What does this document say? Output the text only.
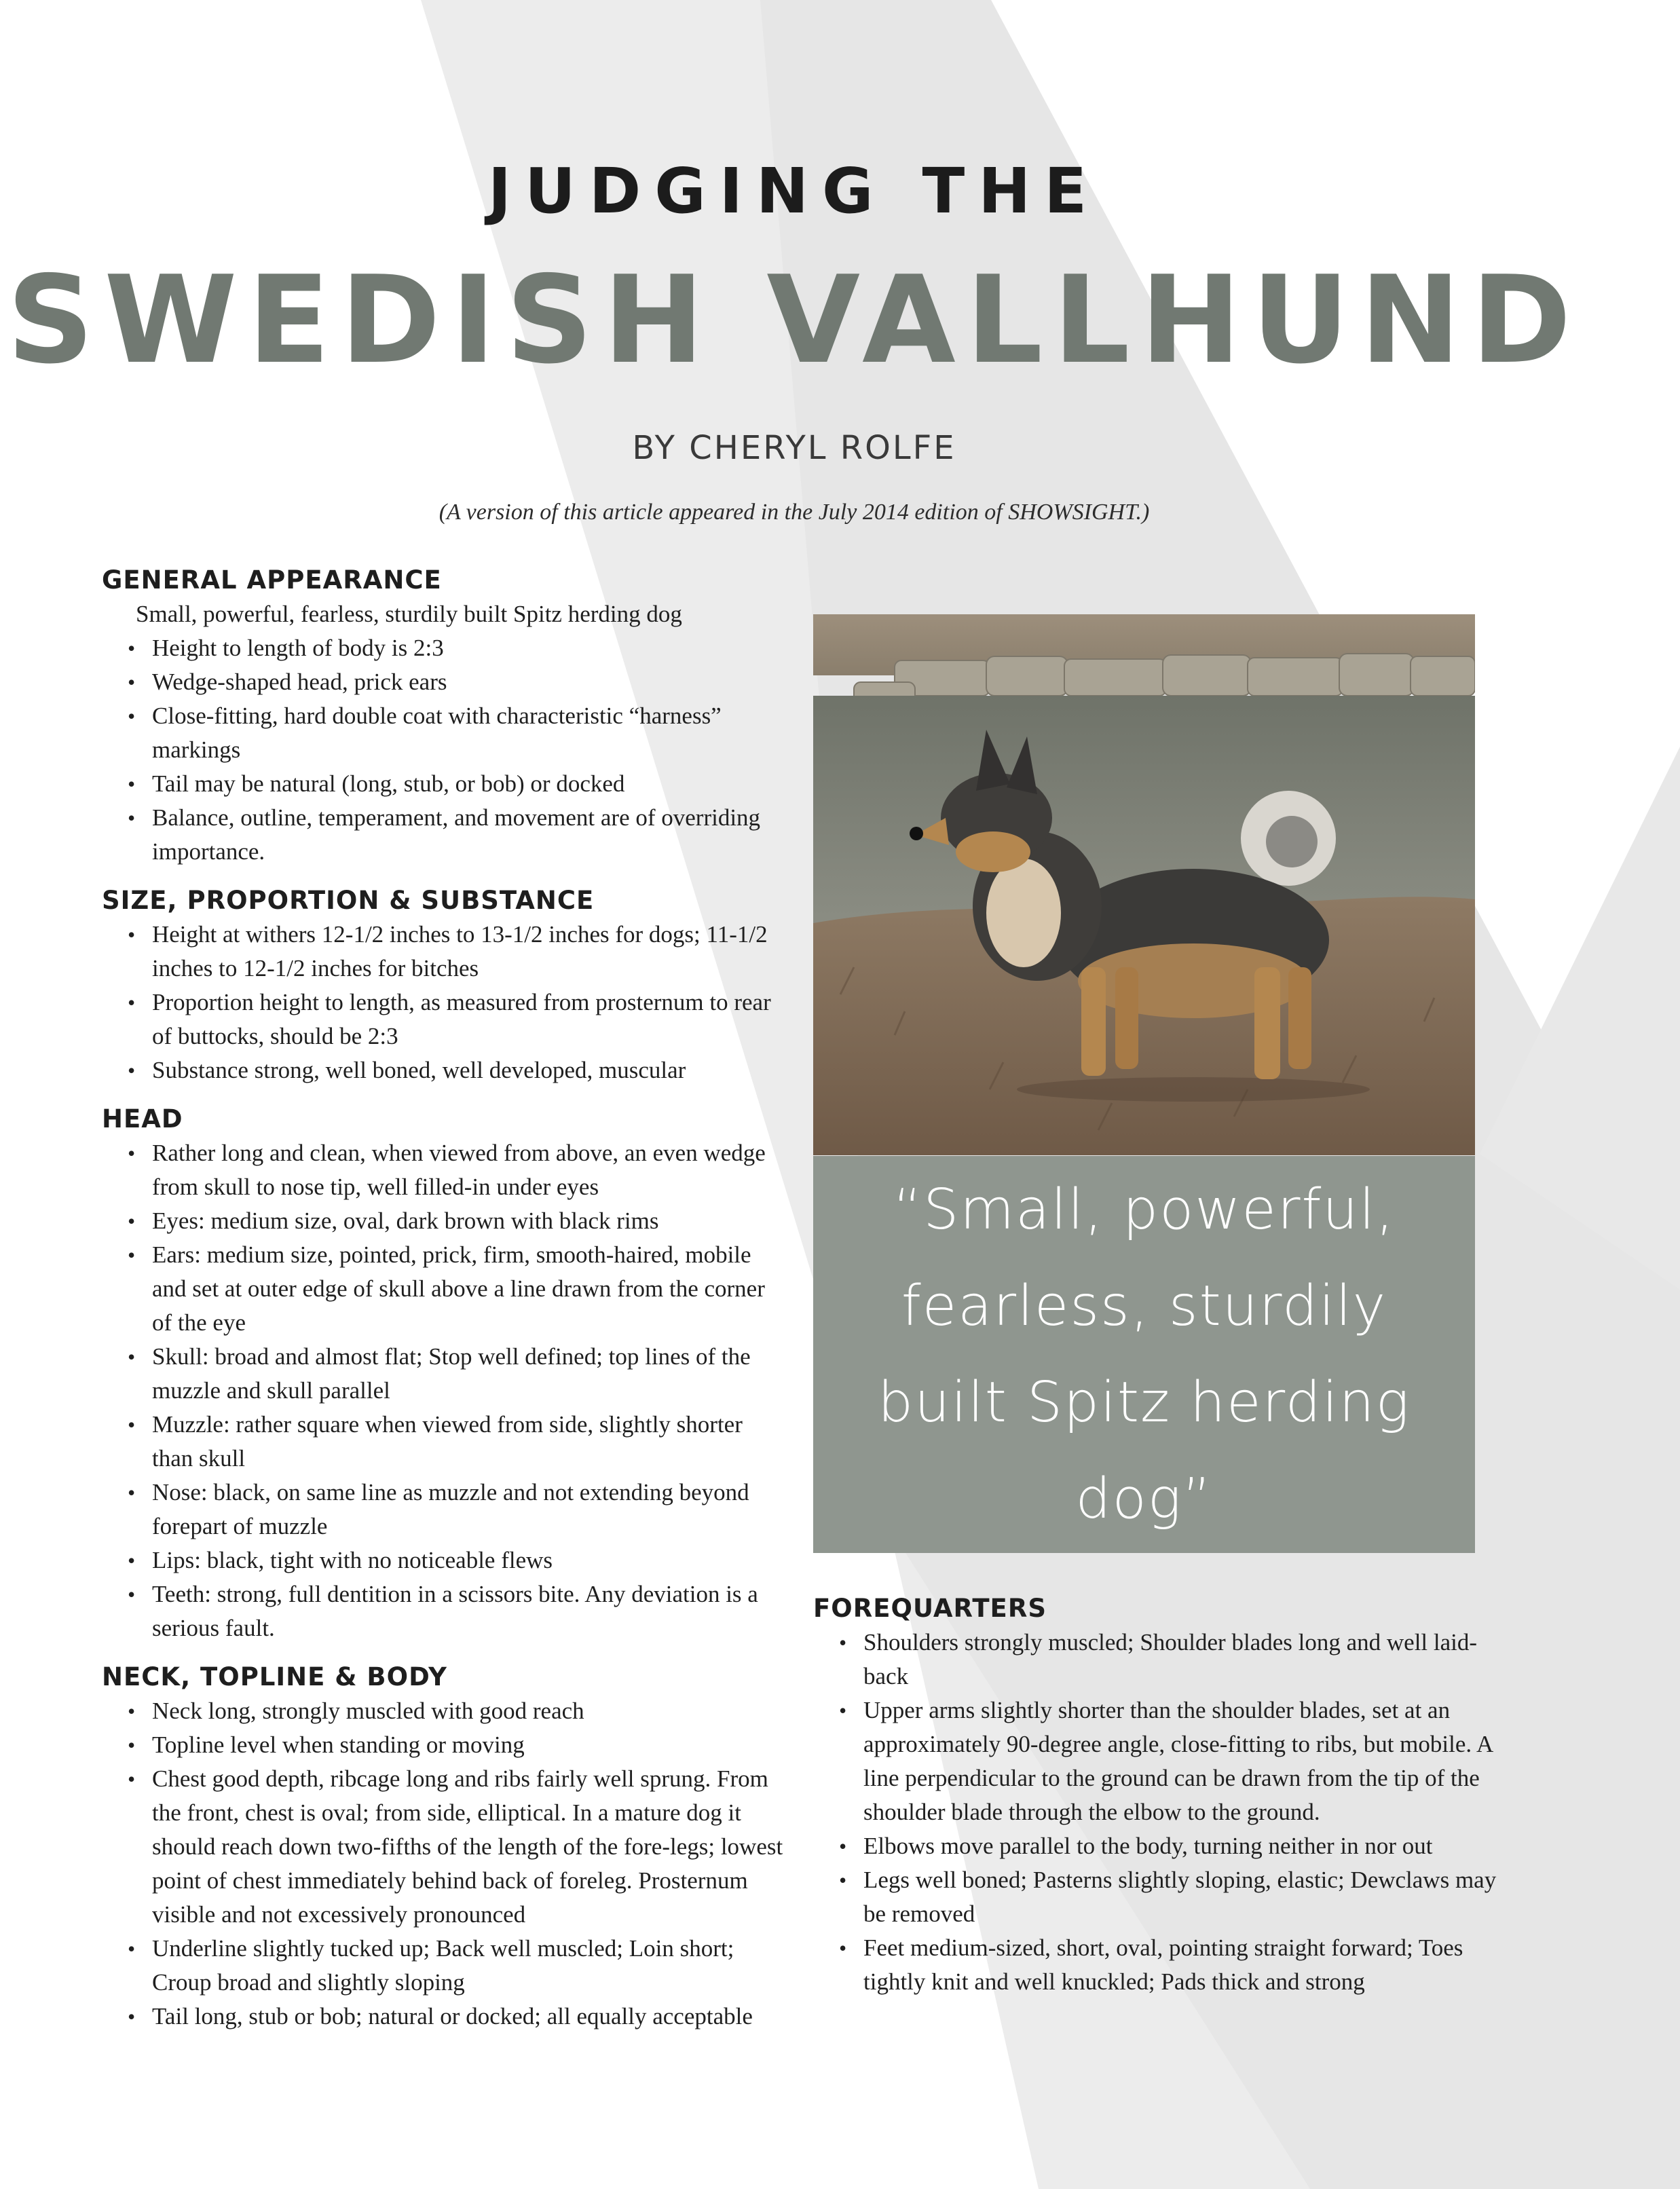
JUDGING THE
SWEDISH VALLHUND
BY CHERYL ROLFE
(A version of this article appeared in the July 2014 edition of SHOWSIGHT.)
GENERAL APPEARANCE

Small, powerful, fearless, sturdily built Spitz herding dog

• Height to length of body is 2:3
• Wedge-shaped head, prick ears
• Close-fitting, hard double coat with characteristic “harness” markings
• Tail may be natural (long, stub, or bob) or docked
• Balance, outline, temperament, and movement are of overriding importance.
SIZE, PROPORTION & SUBSTANCE
• Height at withers 12-1/2 inches to 13-1/2 inches for dogs; 11-1/2 inches to 12-1/2 inches for bitches
• Proportion height to length, as measured from prosternum to rear of buttocks, should be 2:3
• Substance strong, well boned, well developed, muscular
HEAD
• Rather long and clean, when viewed from above, an even wedge from skull to nose tip, well filled-in under eyes
• Eyes: medium size, oval, dark brown with black rims
• Ears: medium size, pointed, prick, firm, smooth-haired, mobile and set at outer edge of skull above a line drawn from the corner of the eye
• Skull: broad and almost flat; Stop well defined; top lines of the muzzle and skull parallel
• Muzzle: rather square when viewed from side, slightly shorter than skull
• Nose: black, on same line as muzzle and not extending beyond forepart of muzzle
• Lips: black, tight with no noticeable flews
• Teeth: strong, full dentition in a scissors bite. Any deviation is a serious fault.
NECK, TOPLINE & BODY
• Neck long, strongly muscled with good reach
• Topline level when standing or moving
• Chest good depth, ribcage long and ribs fairly well sprung. From the front, chest is oval; from side, elliptical. In a mature dog it should reach down two-fifths of the length of the fore-legs; lowest point of chest immediately behind back of foreleg. Prosternum visible and not excessively pronounced
• Underline slightly tucked up; Back well muscled; Loin short; Croup broad and slightly sloping
• Tail long, stub or bob; natural or docked; all equally acceptable
“Small, powerful, fearless, sturdily built Spitz herding dog”
FOREQUARTERS
• Shoulders strongly muscled; Shoulder blades long and well laid-back
• Upper arms slightly shorter than the shoulder blades, set at an approximately 90-degree angle, close-fitting to ribs, but mobile. A line perpendicular to the ground can be drawn from the tip of the shoulder blade through the elbow to the ground.
• Elbows move parallel to the body, turning neither in nor out
• Legs well boned; Pasterns slightly sloping, elastic; Dewclaws may be removed
• Feet medium-sized, short, oval, pointing straight forward; Toes tightly knit and well knuckled; Pads thick and strong
